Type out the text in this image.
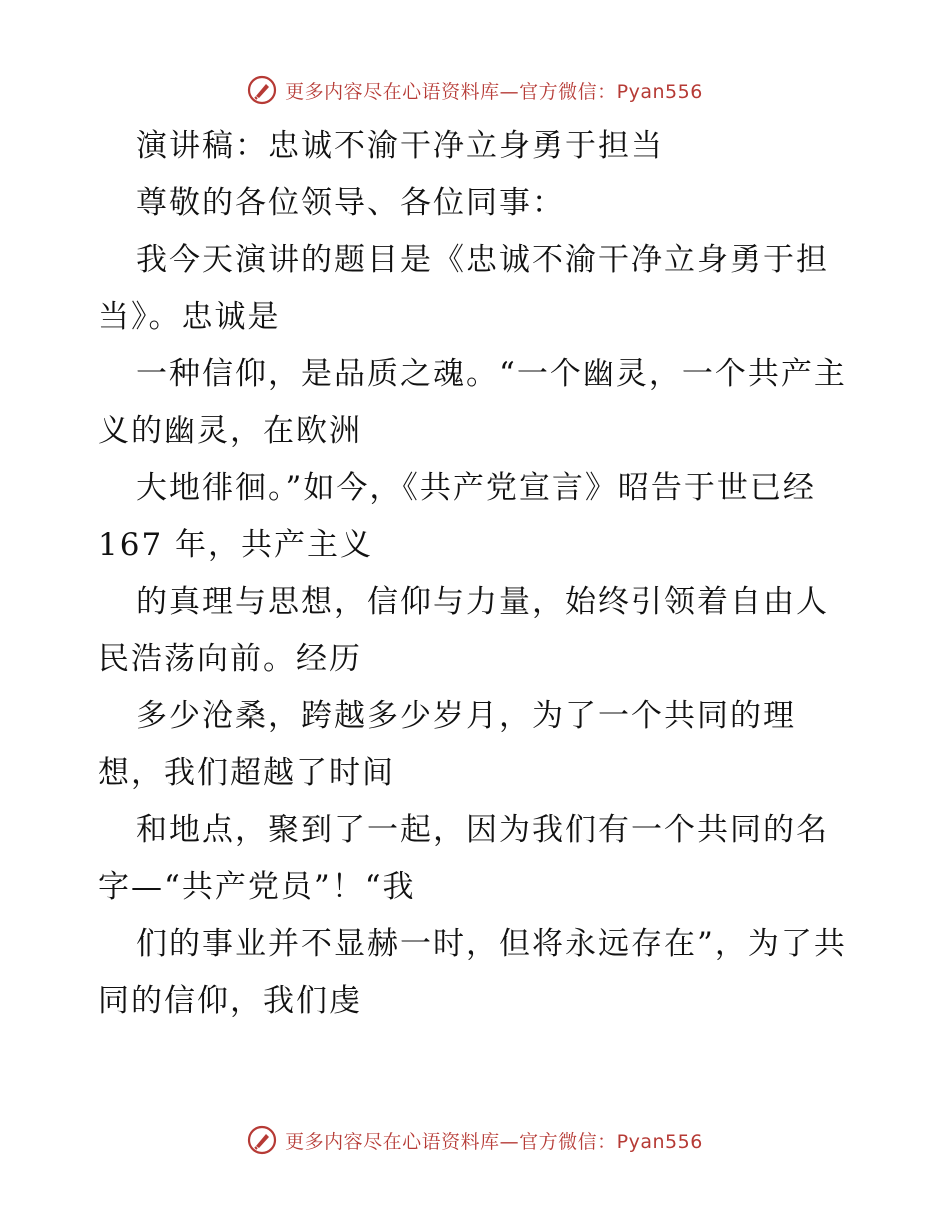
更多内容尽在心语资料库—官方微信：Pyan556

演讲稿：忠诚不渝干净立身勇于担当

尊敬的各位领导、各位同事：

我今天演讲的题目是《忠诚不渝干净立身勇于担当》。忠诚是

一种信仰，是品质之魂。“一个幽灵，一个共产主义的幽灵，在欧洲

大地徘徊。”如今，《共产党宣言》昭告于世已经 167 年，共产主义

的真理与思想，信仰与力量，始终引领着自由人民浩荡向前。经历

多少沧桑，跨越多少岁月，为了一个共同的理想，我们超越了时间

和地点，聚到了一起，因为我们有一个共同的名字—“共产党员”！“我

们的事业并不显赫一时，但将永远存在”，为了共同的信仰，我们虔

更多内容尽在心语资料库—官方微信：Pyan556
